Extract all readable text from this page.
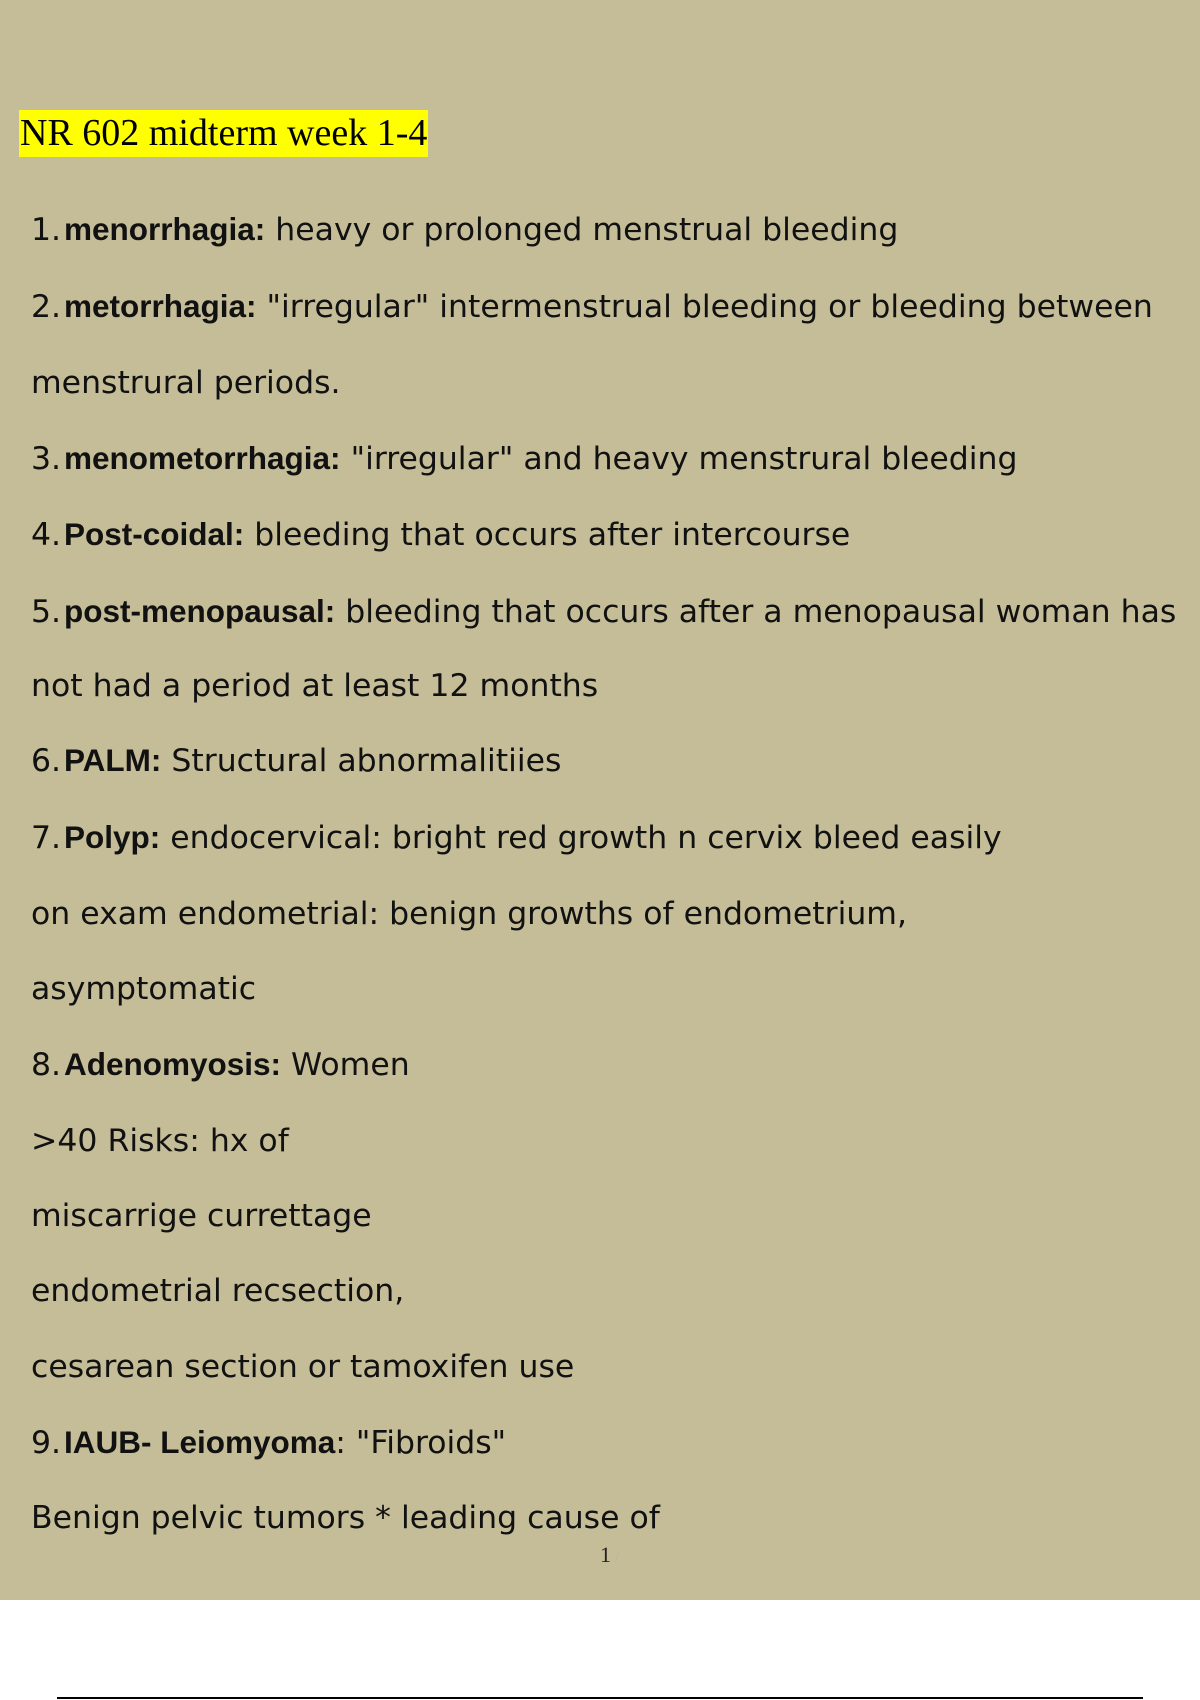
NR 602 midterm week 1-4
1.menorrhagia: heavy or prolonged menstrual bleeding
2.metorrhagia: "irregular" intermenstrual bleeding or bleeding between
menstrural periods.
3.menometorrhagia: "irregular" and heavy menstrural bleeding
4.Post-coidal: bleeding that occurs after intercourse
5.post-menopausal: bleeding that occurs after a menopausal woman has
not had a period at least 12 months
6.PALM: Structural abnormalitiies
7.Polyp: endocervical: bright red growth n cervix bleed easily
on exam endometrial: benign growths of endometrium,
asymptomatic
8.Adenomyosis: Women
>40 Risks: hx of
miscarrige currettage
endometrial recsection,
cesarean section or tamoxifen use
9.IAUB- Leiomyoma: "Fibroids"
Benign pelvic tumors * leading cause of
1 /
